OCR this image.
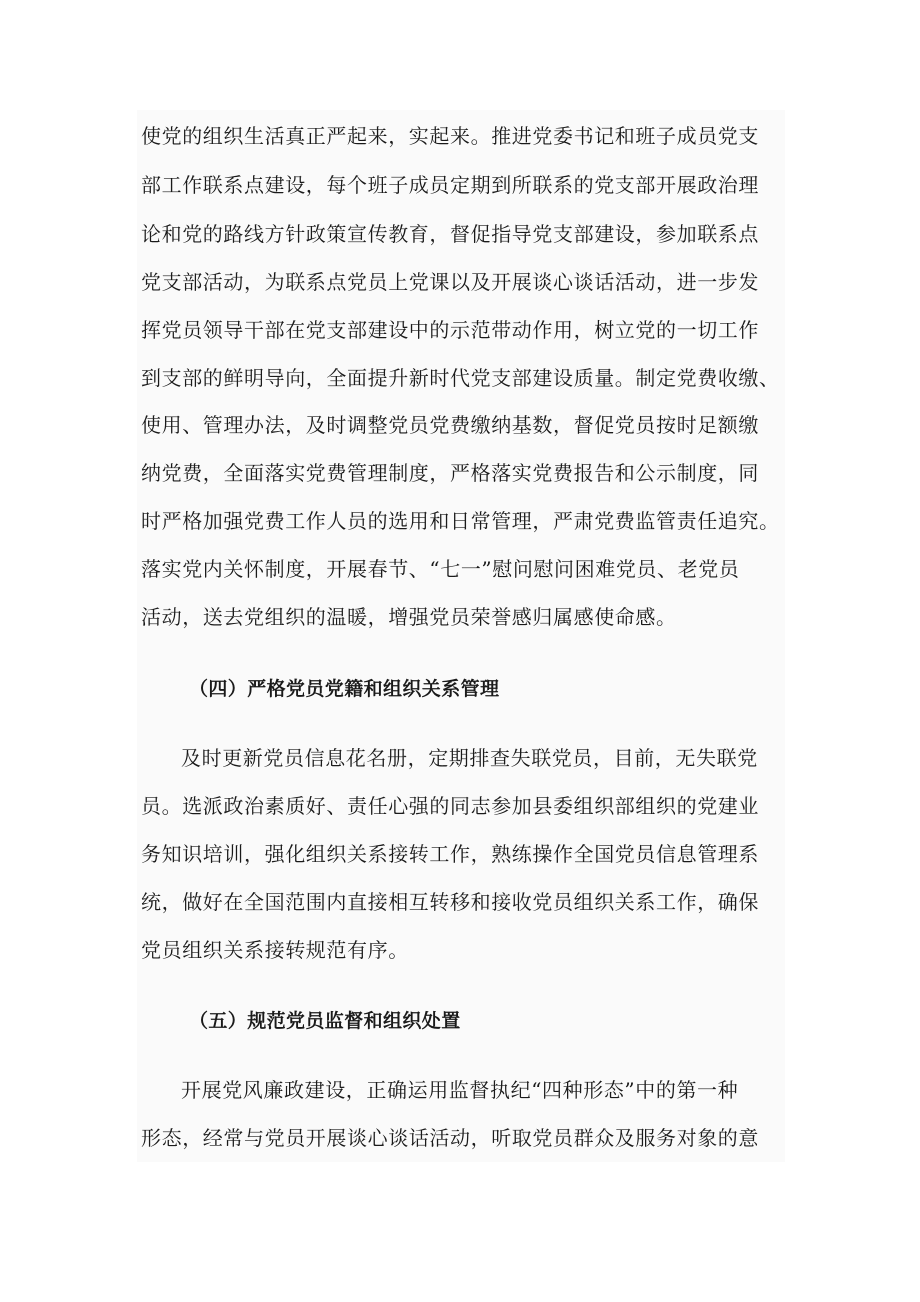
使党的组织生活真正严起来，实起来。推进党委书记和班子成员党支
部工作联系点建设，每个班子成员定期到所联系的党支部开展政治理
论和党的路线方针政策宣传教育，督促指导党支部建设，参加联系点
党支部活动，为联系点党员上党课以及开展谈心谈话活动，进一步发
挥党员领导干部在党支部建设中的示范带动作用，树立党的一切工作
到支部的鲜明导向，全面提升新时代党支部建设质量。制定党费收缴、
使用、管理办法，及时调整党员党费缴纳基数，督促党员按时足额缴
纳党费，全面落实党费管理制度，严格落实党费报告和公示制度，同
时严格加强党费工作人员的选用和日常管理，严肃党费监管责任追究。
落实党内关怀制度，开展春节、“七一”慰问慰问困难党员、老党员
活动，送去党组织的温暖，增强党员荣誉感归属感使命感。
（四）严格党员党籍和组织关系管理
及时更新党员信息花名册，定期排查失联党员，目前，无失联党
员。选派政治素质好、责任心强的同志参加县委组织部组织的党建业
务知识培训，强化组织关系接转工作，熟练操作全国党员信息管理系
统，做好在全国范围内直接相互转移和接收党员组织关系工作，确保
党员组织关系接转规范有序。
（五）规范党员监督和组织处置
开展党风廉政建设，正确运用监督执纪“四种形态”中的第一种
形态，经常与党员开展谈心谈话活动，听取党员群众及服务对象的意
